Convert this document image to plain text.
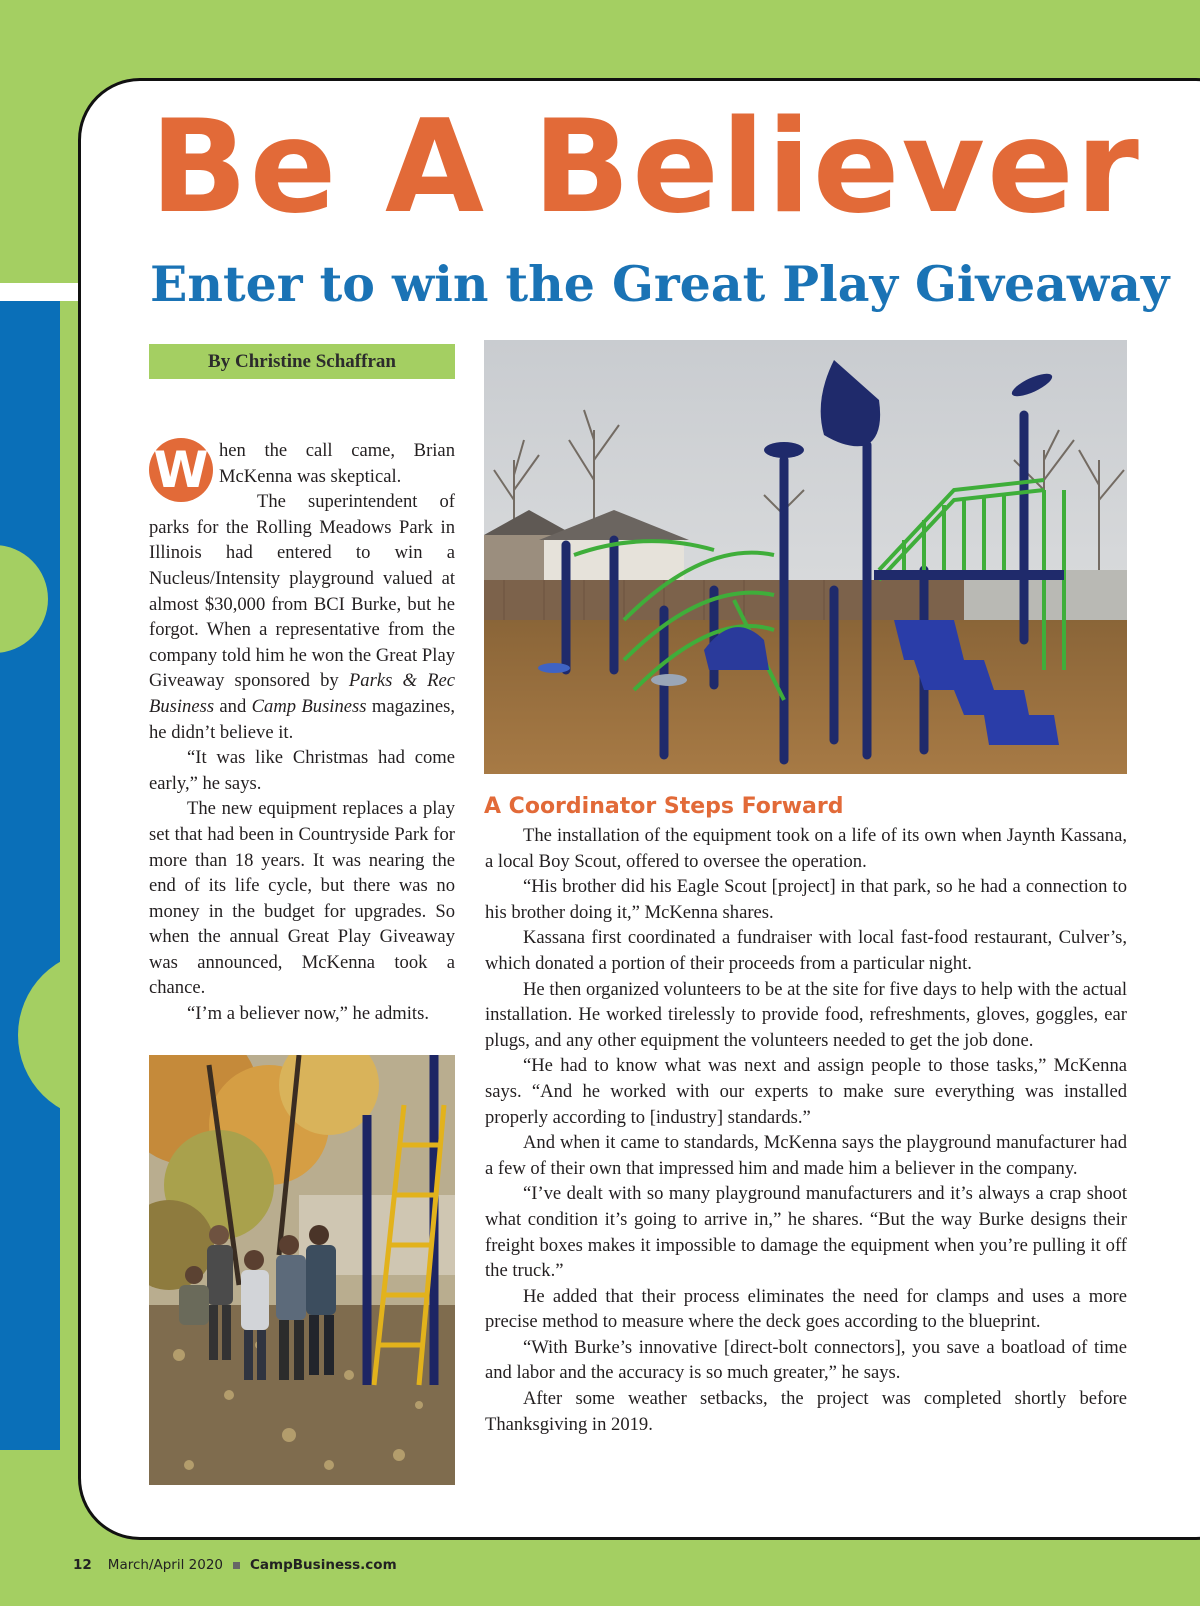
Be A Believer
Enter to win the Great Play Giveaway
By Christine Schaffran

W hen the call came, Brian McKenna was skeptical.

The superintendent of parks for the Rolling Meadows Park in Illinois had entered to win a Nucleus/Intensity playground valued at almost $30,000 from BCI Burke, but he forgot. When a representative from the company told him he won the Great Play Giveaway sponsored by Parks & Rec Business and Camp Business magazines, he didn’t believe it.

“It was like Christmas had come early,” he says.

The new equipment replaces a play set that had been in Countryside Park for more than 18 years. It was nearing the end of its life cycle, but there was no money in the budget for upgrades. So when the annual Great Play Giveaway was announced, McKenna took a chance.

“I’m a believer now,” he admits.

A Coordinator Steps Forward

The installation of the equipment took on a life of its own when Jaynth Kassana, a local Boy Scout, offered to oversee the operation.

“His brother did his Eagle Scout [project] in that park, so he had a connection to his brother doing it,” McKenna shares.

Kassana first coordinated a fundraiser with local fast-food restaurant, Culver’s, which donated a portion of their proceeds from a particular night.

He then organized volunteers to be at the site for five days to help with the actual installation. He worked tirelessly to provide food, refreshments, gloves, goggles, ear plugs, and any other equipment the volunteers needed to get the job done.

“He had to know what was next and assign people to those tasks,” McKenna says. “And he worked with our experts to make sure everything was installed properly according to [industry] standards.”

And when it came to standards, McKenna says the playground manufacturer had a few of their own that impressed him and made him a believer in the company.

“I’ve dealt with so many playground manufacturers and it’s always a crap shoot what condition it’s going to arrive in,” he shares. “But the way Burke designs their freight boxes makes it impossible to damage the equipment when you’re pulling it off the truck.”

He added that their process eliminates the need for clamps and uses a more precise method to measure where the deck goes according to the blueprint.

“With Burke’s innovative [direct-bolt connectors], you save a boatload of time and labor and the accuracy is so much greater,” he says.

After some weather setbacks, the project was completed shortly before Thanksgiving in 2019.

12 March/April 2020 CampBusiness.com
